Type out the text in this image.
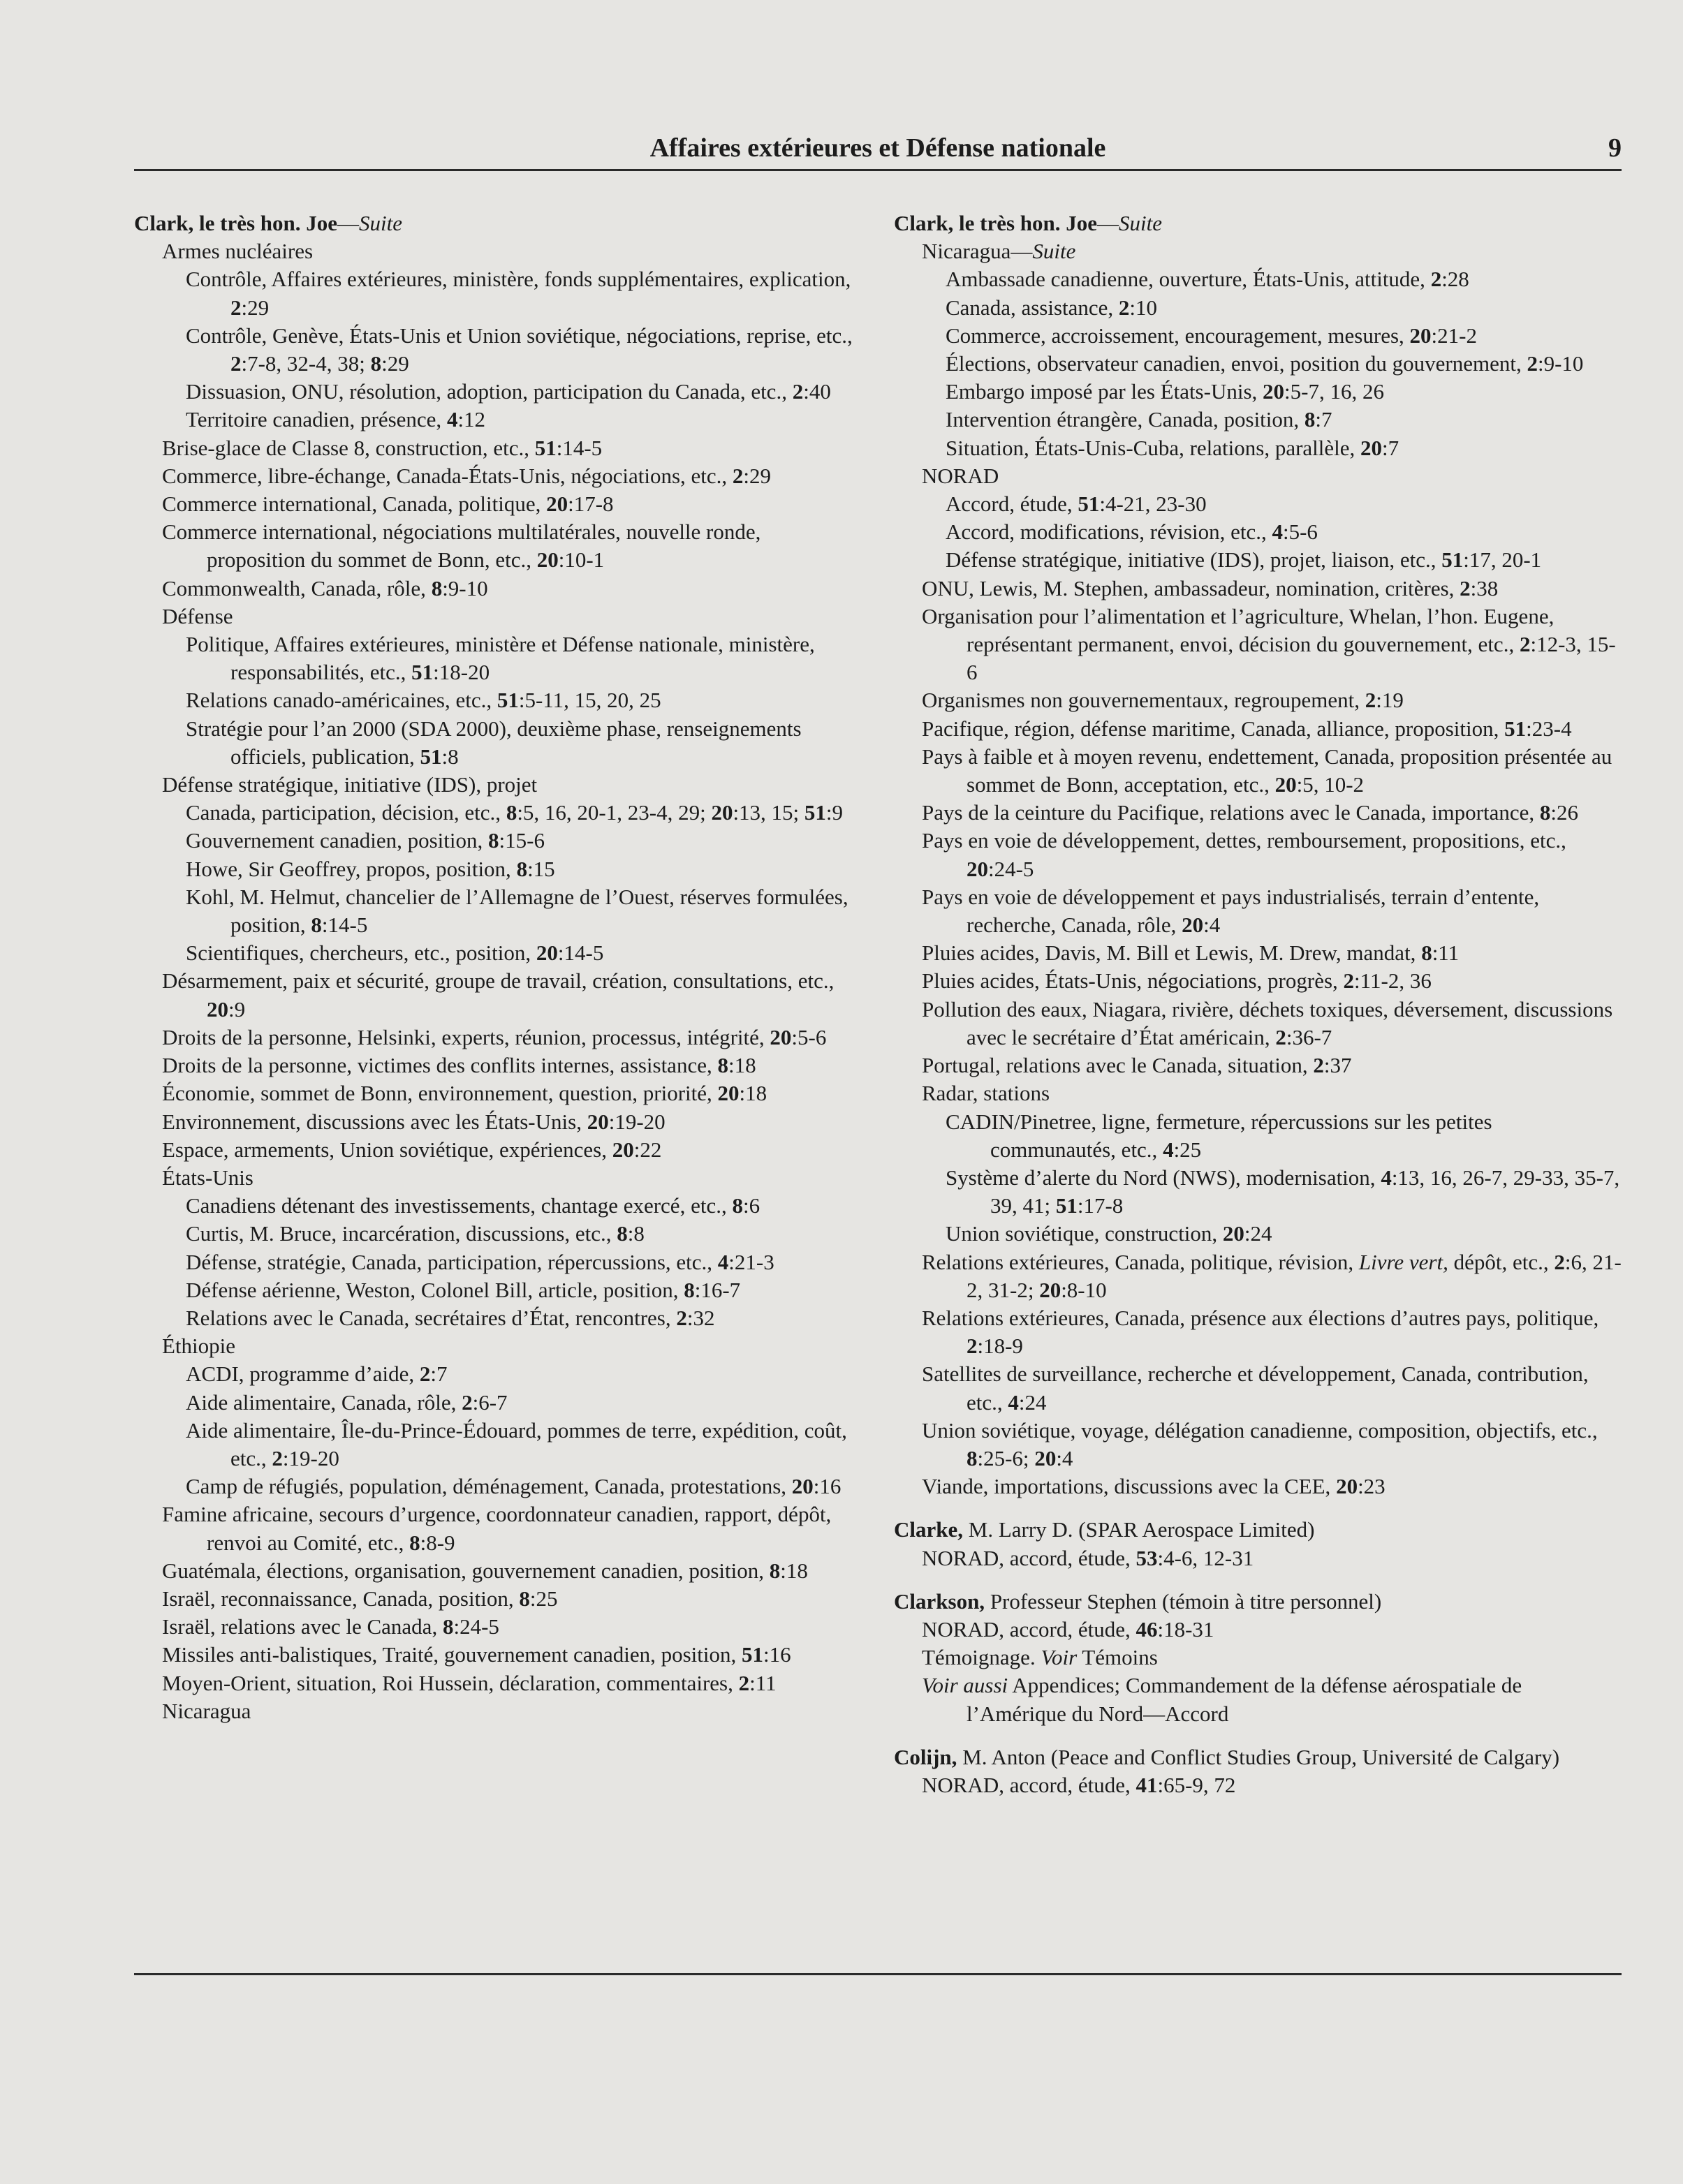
Affaires extérieures et Défense nationale	9
Clark, le très hon. Joe—Suite
Armes nucléaires
Contrôle, Affaires extérieures, ministère, fonds supplémentaires, explication, 2:29
Contrôle, Genève, États-Unis et Union soviétique, négociations, reprise, etc., 2:7-8, 32-4, 38; 8:29
Dissuasion, ONU, résolution, adoption, participation du Canada, etc., 2:40
Territoire canadien, présence, 4:12
Brise-glace de Classe 8, construction, etc., 51:14-5
Commerce, libre-échange, Canada-États-Unis, négociations, etc., 2:29
Commerce international, Canada, politique, 20:17-8
Commerce international, négociations multilatérales, nouvelle ronde, proposition du sommet de Bonn, etc., 20:10-1
Commonwealth, Canada, rôle, 8:9-10
Défense
Politique, Affaires extérieures, ministère et Défense nationale, ministère, responsabilités, etc., 51:18-20
Relations canado-américaines, etc., 51:5-11, 15, 20, 25
Stratégie pour l’an 2000 (SDA 2000), deuxième phase, renseignements officiels, publication, 51:8
Défense stratégique, initiative (IDS), projet
Canada, participation, décision, etc., 8:5, 16, 20-1, 23-4, 29; 20:13, 15; 51:9
Gouvernement canadien, position, 8:15-6
Howe, Sir Geoffrey, propos, position, 8:15
Kohl, M. Helmut, chancelier de l’Allemagne de l’Ouest, réserves formulées, position, 8:14-5
Scientifiques, chercheurs, etc., position, 20:14-5
Désarmement, paix et sécurité, groupe de travail, création, consultations, etc., 20:9
Droits de la personne, Helsinki, experts, réunion, processus, intégrité, 20:5-6
Droits de la personne, victimes des conflits internes, assistance, 8:18
Économie, sommet de Bonn, environnement, question, priorité, 20:18
Environnement, discussions avec les États-Unis, 20:19-20
Espace, armements, Union soviétique, expériences, 20:22
États-Unis
Canadiens détenant des investissements, chantage exercé, etc., 8:6
Curtis, M. Bruce, incarcération, discussions, etc., 8:8
Défense, stratégie, Canada, participation, répercussions, etc., 4:21-3
Défense aérienne, Weston, Colonel Bill, article, position, 8:16-7
Relations avec le Canada, secrétaires d’État, rencontres, 2:32
Éthiopie
ACDI, programme d’aide, 2:7
Aide alimentaire, Canada, rôle, 2:6-7
Aide alimentaire, Île-du-Prince-Édouard, pommes de terre, expédition, coût, etc., 2:19-20
Camp de réfugiés, population, déménagement, Canada, protestations, 20:16
Famine africaine, secours d’urgence, coordonnateur canadien, rapport, dépôt, renvoi au Comité, etc., 8:8-9
Guatémala, élections, organisation, gouvernement canadien, position, 8:18
Israël, reconnaissance, Canada, position, 8:25
Israël, relations avec le Canada, 8:24-5
Missiles anti-balistiques, Traité, gouvernement canadien, position, 51:16
Moyen-Orient, situation, Roi Hussein, déclaration, commentaires, 2:11
Nicaragua
Clark, le très hon. Joe—Suite
Nicaragua—Suite
Ambassade canadienne, ouverture, États-Unis, attitude, 2:28
Canada, assistance, 2:10
Commerce, accroissement, encouragement, mesures, 20:21-2
Élections, observateur canadien, envoi, position du gouvernement, 2:9-10
Embargo imposé par les États-Unis, 20:5-7, 16, 26
Intervention étrangère, Canada, position, 8:7
Situation, États-Unis-Cuba, relations, parallèle, 20:7
NORAD
Accord, étude, 51:4-21, 23-30
Accord, modifications, révision, etc., 4:5-6
Défense stratégique, initiative (IDS), projet, liaison, etc., 51:17, 20-1
ONU, Lewis, M. Stephen, ambassadeur, nomination, critères, 2:38
Organisation pour l’alimentation et l’agriculture, Whelan, l’hon. Eugene, représentant permanent, envoi, décision du gouvernement, etc., 2:12-3, 15-6
Organismes non gouvernementaux, regroupement, 2:19
Pacifique, région, défense maritime, Canada, alliance, proposition, 51:23-4
Pays à faible et à moyen revenu, endettement, Canada, proposition présentée au sommet de Bonn, acceptation, etc., 20:5, 10-2
Pays de la ceinture du Pacifique, relations avec le Canada, importance, 8:26
Pays en voie de développement, dettes, remboursement, propositions, etc., 20:24-5
Pays en voie de développement et pays industrialisés, terrain d’entente, recherche, Canada, rôle, 20:4
Pluies acides, Davis, M. Bill et Lewis, M. Drew, mandat, 8:11
Pluies acides, États-Unis, négociations, progrès, 2:11-2, 36
Pollution des eaux, Niagara, rivière, déchets toxiques, déversement, discussions avec le secrétaire d’État américain, 2:36-7
Portugal, relations avec le Canada, situation, 2:37
Radar, stations
CADIN/Pinetree, ligne, fermeture, répercussions sur les petites communautés, etc., 4:25
Système d’alerte du Nord (NWS), modernisation, 4:13, 16, 26-7, 29-33, 35-7, 39, 41; 51:17-8
Union soviétique, construction, 20:24
Relations extérieures, Canada, politique, révision, Livre vert, dépôt, etc., 2:6, 21-2, 31-2; 20:8-10
Relations extérieures, Canada, présence aux élections d’autres pays, politique, 2:18-9
Satellites de surveillance, recherche et développement, Canada, contribution, etc., 4:24
Union soviétique, voyage, délégation canadienne, composition, objectifs, etc., 8:25-6; 20:4
Viande, importations, discussions avec la CEE, 20:23
Clarke, M. Larry D. (SPAR Aerospace Limited)
NORAD, accord, étude, 53:4-6, 12-31
Clarkson, Professeur Stephen (témoin à titre personnel)
NORAD, accord, étude, 46:18-31
Témoignage. Voir Témoins
Voir aussi Appendices; Commandement de la défense aérospatiale de l’Amérique du Nord—Accord
Colijn, M. Anton (Peace and Conflict Studies Group, Université de Calgary)
NORAD, accord, étude, 41:65-9, 72
